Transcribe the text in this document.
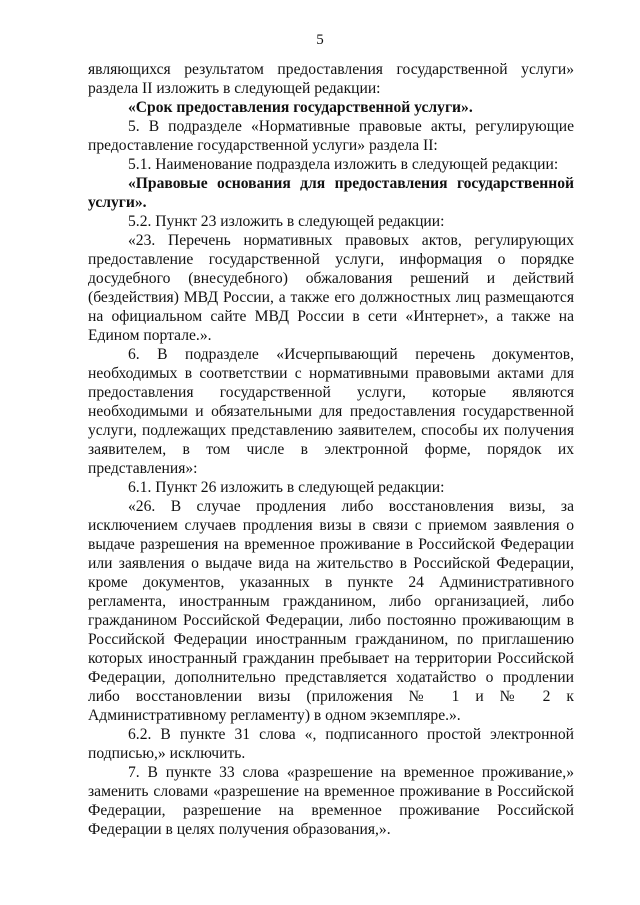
5

являющихся результатом предоставления государственной услуги» раздела II изложить в следующей редакции:

«Срок предоставления государственной услуги».

5. В подразделе «Нормативные правовые акты, регулирующие предоставление государственной услуги» раздела II:

5.1. Наименование подраздела изложить в следующей редакции:

«Правовые основания для предоставления государственной услуги».

5.2. Пункт 23 изложить в следующей редакции:

«23. Перечень нормативных правовых актов, регулирующих предоставление государственной услуги, информация о порядке досудебного (внесудебного) обжалования решений и действий (бездействия) МВД России, а также его должностных лиц размещаются на официальном сайте МВД России в сети «Интернет», а также на Едином портале.».

6. В подразделе «Исчерпывающий перечень документов, необходимых в соответствии с нормативными правовыми актами для предоставления государственной услуги, которые являются необходимыми и обязательными для предоставления государственной услуги, подлежащих представлению заявителем, способы их получения заявителем, в том числе в электронной форме, порядок их представления»:

6.1. Пункт 26 изложить в следующей редакции:

«26. В случае продления либо восстановления визы, за исключением случаев продления визы в связи с приемом заявления о выдаче разрешения на временное проживание в Российской Федерации или заявления о выдаче вида на жительство в Российской Федерации, кроме документов, указанных в пункте 24 Административного регламента, иностранным гражданином, либо организацией, либо гражданином Российской Федерации, либо постоянно проживающим в Российской Федерации иностранным гражданином, по приглашению которых иностранный гражданин пребывает на территории Российской Федерации, дополнительно представляется ходатайство о продлении либо восстановлении визы (приложения № 1 и № 2 к Административному регламенту) в одном экземпляре.».

6.2. В пункте 31 слова «, подписанного простой электронной подписью,» исключить.

7. В пункте 33 слова «разрешение на временное проживание,» заменить словами «разрешение на временное проживание в Российской Федерации, разрешение на временное проживание Российской Федерации в целях получения образования,».
